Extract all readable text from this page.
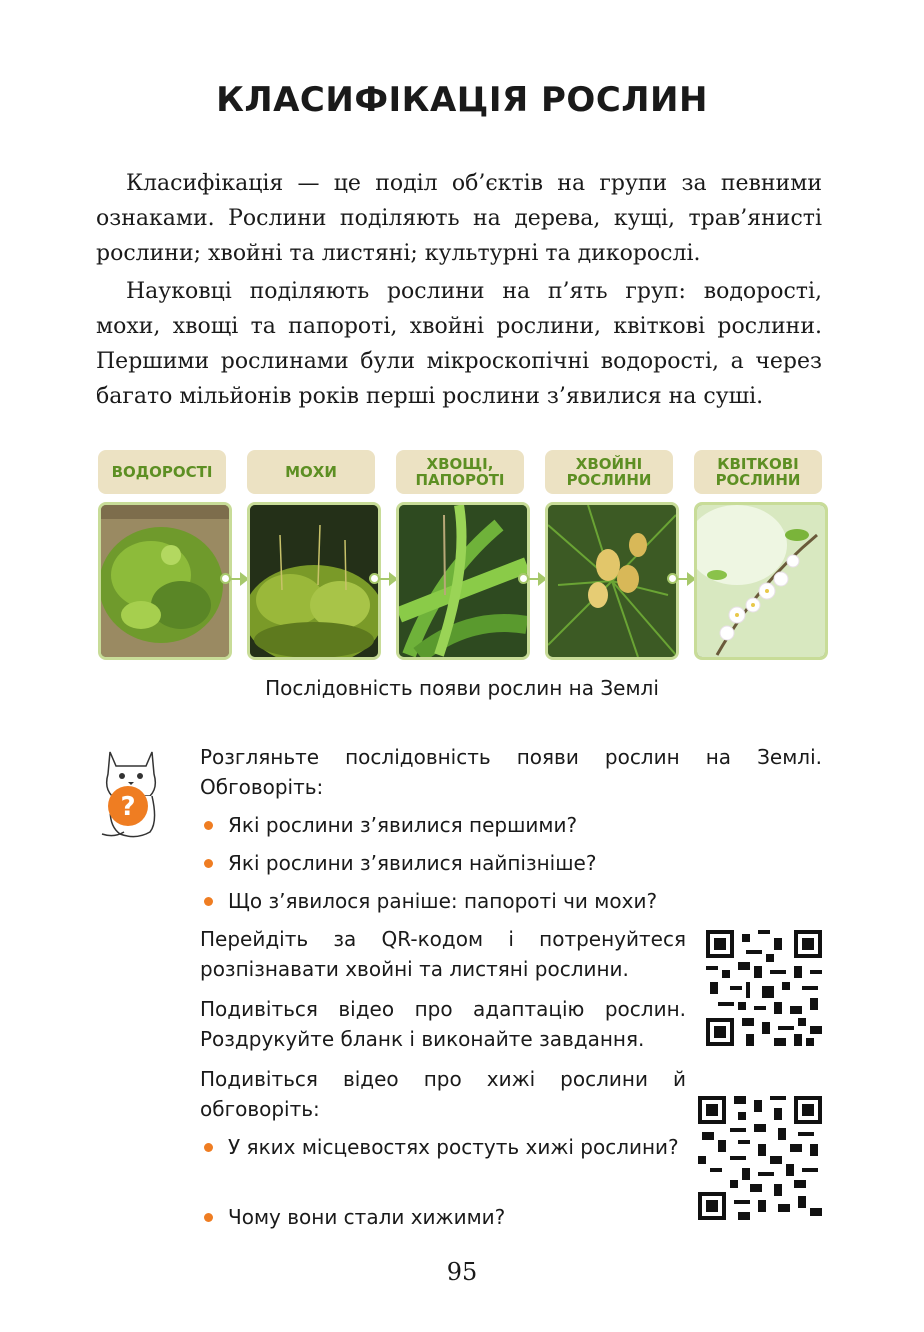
КЛАСИФІКАЦІЯ РОСЛИН

Класифікація — це поділ об’єктів на групи за певними ознаками. Рослини поділяють на дерева, кущі, трав’янисті рослини; хвойні та листяні; культурні та дикорослі.

Науковці поділяють рослини на п’ять груп: водорості, мохи, хвощі та папороті, хвойні рослини, квіткові рослини. Першими рослинами були мікроскопічні водорості, а через багато мільйонів років перші рослини з’явилися на суші.

ВОДОРОСТІ	МОХИ	ХВОЩІ,
ПАПОРОТІ
ХВОЙНІ
РОСЛИНИ
КВІТКОВІ
РОСЛИНИ
Послідовність появи рослин на Землі
?
Розгляньте послідовність появи рослин на Землі. Обговоріть:
Які рослини з’явилися першими?
Які рослини з’явилися найпізніше?
Що з’явилося раніше: папороті чи мохи?
Перейдіть за QR-кодом і потренуйтеся розпізнавати хвойні та листяні рослини.
Подивіться відео про адаптацію рослин. Роздрукуйте бланк і виконайте завдання.
Подивіться відео про хижі рослини й обговоріть:
У яких місцевостях ростуть хижі рослини?
Чому вони стали хижими?
95
